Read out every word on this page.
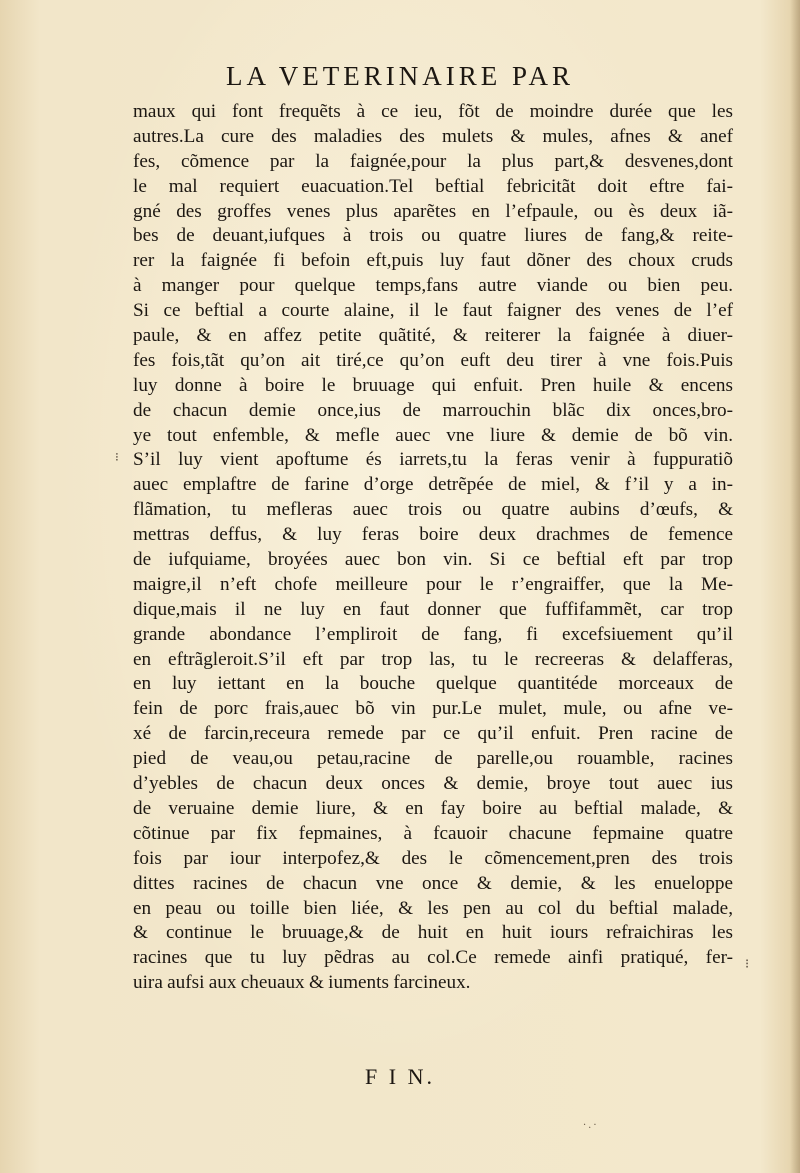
LA VETERINAIRE PAR
maux qui font frequẽts à ce ieu, fõt de moindre durée que les
autres.La cure des maladies des mulets & mules, afnes & anef
fes, cõmence par la faignée,pour la plus part,& desvenes,dont
le mal requiert euacuation.Tel beftial febricitãt doit eftre fai-
gné des groffes venes plus aparẽtes en l’efpaule, ou ès deux iã-
bes de deuant,iufques à trois ou quatre liures de fang,& reite-
rer la faignée fi befoin eft,puis luy faut dõner des choux cruds
à manger pour quelque temps,fans autre viande ou bien peu.
Si ce beftial a courte alaine, il le faut faigner des venes de l’ef
paule, & en affez petite quãtité, & reiterer la faignée à diuer-
fes fois,tãt qu’on ait tiré,ce qu’on euft deu tirer à vne fois.Puis
luy donne à boire le bruuage qui enfuit. Pren huile & encens
de chacun demie once,ius de marrouchin blãc dix onces,bro-
ye tout enfemble, & mefle auec vne liure & demie de bõ vin.
S’il luy vient apoftume és iarrets,tu la feras venir à fuppuratiõ
auec emplaftre de farine d’orge detrẽpée de miel, & f’il y a in-
flãmation, tu mefleras auec trois ou quatre aubins d’œufs, &
mettras deffus, & luy feras boire deux drachmes de femence
de iufquiame, broyées auec bon vin. Si ce beftial eft par trop
maigre,il n’eft chofe meilleure pour le r’engraiffer, que la Me-
dique,mais il ne luy en faut donner que fuffifammẽt, car trop
grande abondance l’empliroit de fang, fi excefsiuement qu’il
en eftrãgleroit.S’il eft par trop las, tu le recreeras & delafferas,
en luy iettant en la bouche quelque quantitéde morceaux de
fein de porc frais,auec bõ vin pur.Le mulet, mule, ou afne ve-
xé de farcin,receura remede par ce qu’il enfuit. Pren racine de
pied de veau,ou petau,racine de parelle,ou rouamble, racines
d’yebles de chacun deux onces & demie, broye tout auec ius
de veruaine demie liure, & en fay boire au beftial malade, &
cõtinue par fix fepmaines, à fcauoir chacune fepmaine quatre
fois par iour interpofez,& des le cõmencement,pren des trois
dittes racines de chacun vne once & demie, & les enueloppe
en peau ou toille bien liée, & les pen au col du beftial malade,
& continue le bruuage,& de huit en huit iours refraichiras les
racines que tu luy pẽdras au col.Ce remede ainfi pratiqué, fer-
uira aufsi aux cheuaux & iuments farcineux.
⁝
⁝
F I N.
·.·
